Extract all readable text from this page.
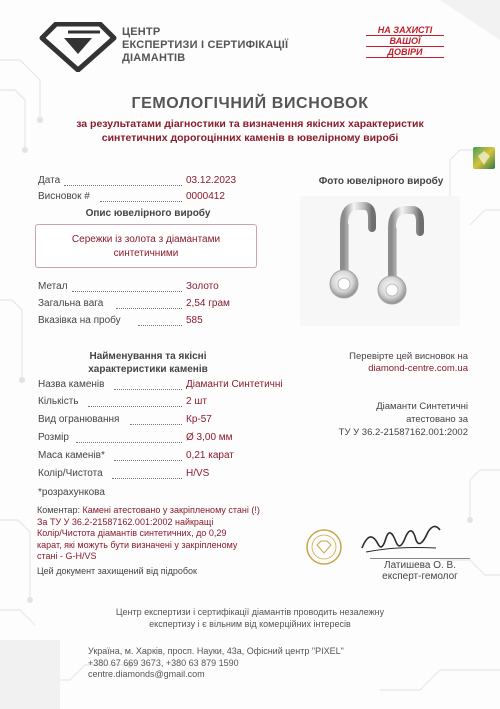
ЦЕНТР
ЕКСПЕРТИЗИ І СЕРТИФІКАЦІЇ
ДІАМАНТІВ
НА ЗАХИСТІ
ВАШОЇ
ДОВІРИ
ГЕМОЛОГІЧНИЙ ВИСНОВОК
за результатами діагностики та визначення якісних характеристик
синтетичних дорогоцінних каменів в ювелірному виробі
Дата	03.12.2023
Висновок #	0000412
Опис ювелірного виробу
Сережки із золота з діамантами
синтетичними
Метал	Золото
Загальна вага	2,54 грам
Вказівка на пробу	585
Найменування та якісні
характеристики каменів
Назва каменів	Діаманти Синтетичні
Кількість	2 шт
Вид огранювання	Кр-57
Розмір	Ø 3,00 мм
Маса каменів*	0,21 карат
Колір/Чистота	H/VS
*розрахункова
Фото ювелірного виробу
Перевірте цей висновок на
diamond-centre.com.ua
Діаманти Синтетичні
атестовано за
ТУ У 36.2-21587162.001:2002
Коментар: Камені атестовано у закріпленому стані (!)
За ТУ У 36.2-21587162.001:2002 найкращі
Колір/Чистота діамантів синтетичних, до 0,29
карат, які можуть бути визначені у закріпленому
стані - G-H/VS
Цей документ захищений від підробок	Латишева О. В.
експерт-гемолог
Центр експертизи і сертифікації діамантів проводить незалежну
експертизу і є вільним від комерційних інтересів
Україна, м. Харків, просп. Науки, 43а, Офісний центр "PIXEL"
+380 67 669 3673, +380 63 879 1590
centre.diamonds@gmail.com
